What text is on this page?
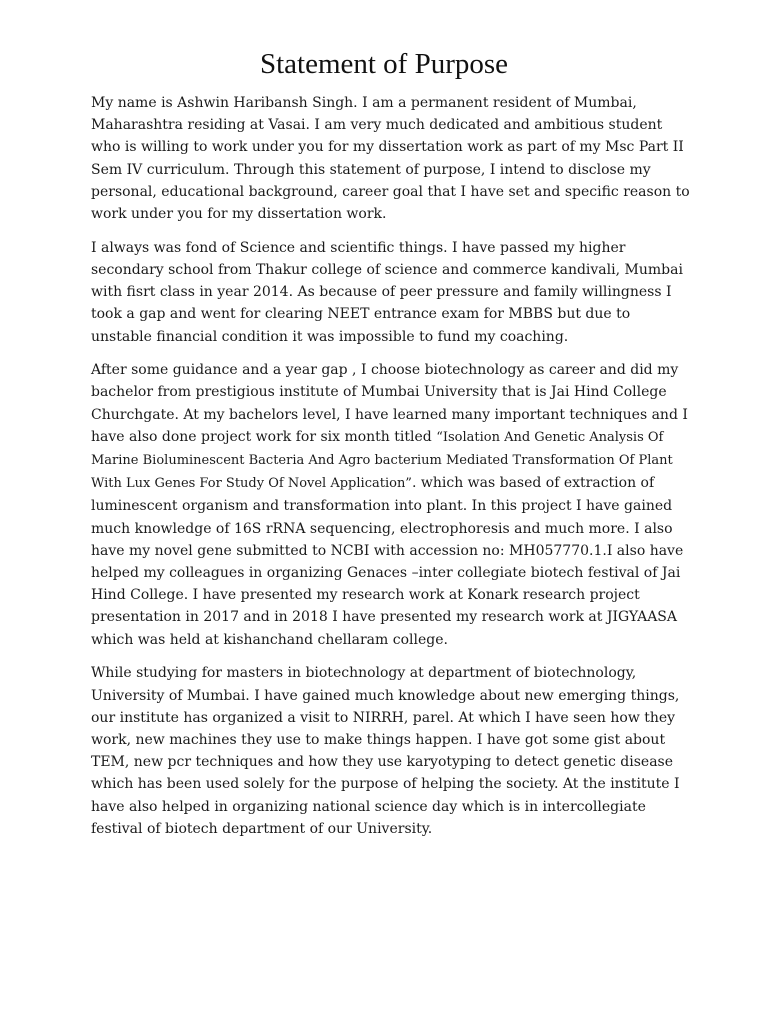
Statement of Purpose

My name is Ashwin Haribansh Singh. I am a permanent resident of Mumbai, Maharashtra residing at Vasai. I am very much dedicated and ambitious student who is willing to work under you for my dissertation work as part of my Msc Part II Sem IV curriculum. Through this statement of purpose, I intend to disclose my personal, educational background, career goal that I have set and specific reason to work under you for my dissertation work.

I always was fond of Science and scientific things. I have passed my higher secondary school from Thakur college of science and commerce kandivali, Mumbai with fisrt class in year 2014. As because of peer pressure and family willingness I took a gap and went for clearing NEET entrance exam for MBBS but due to unstable financial condition it was impossible to fund my coaching.

After some guidance and a year gap , I choose biotechnology as career and did my bachelor from prestigious institute of Mumbai University that is Jai Hind College Churchgate. At my bachelors level, I have learned many important techniques and I have also done project work for six month titled “Isolation And Genetic Analysis Of Marine Bioluminescent Bacteria And Agro bacterium Mediated Transformation Of Plant With Lux Genes For Study Of Novel Application”. which was based of extraction of luminescent organism and transformation into plant. In this project I have gained much knowledge of 16S rRNA sequencing, electrophoresis and much more. I also have my novel gene submitted to NCBI with accession no: MH057770.1.I also have helped my colleagues in organizing Genaces –inter collegiate biotech festival of Jai Hind College. I have presented my research work at Konark research project presentation in 2017 and in 2018 I have presented my research work at JIGYAASA which was held at kishanchand chellaram college.

While studying for masters in biotechnology at department of biotechnology, University of Mumbai. I have gained much knowledge about new emerging things, our institute has organized a visit to NIRRH, parel. At which I have seen how they work, new machines they use to make things happen. I have got some gist about TEM, new pcr techniques and how they use karyotyping to detect genetic disease which has been used solely for the purpose of helping the society. At the institute I have also helped in organizing national science day which is in intercollegiate festival of biotech department of our University.
